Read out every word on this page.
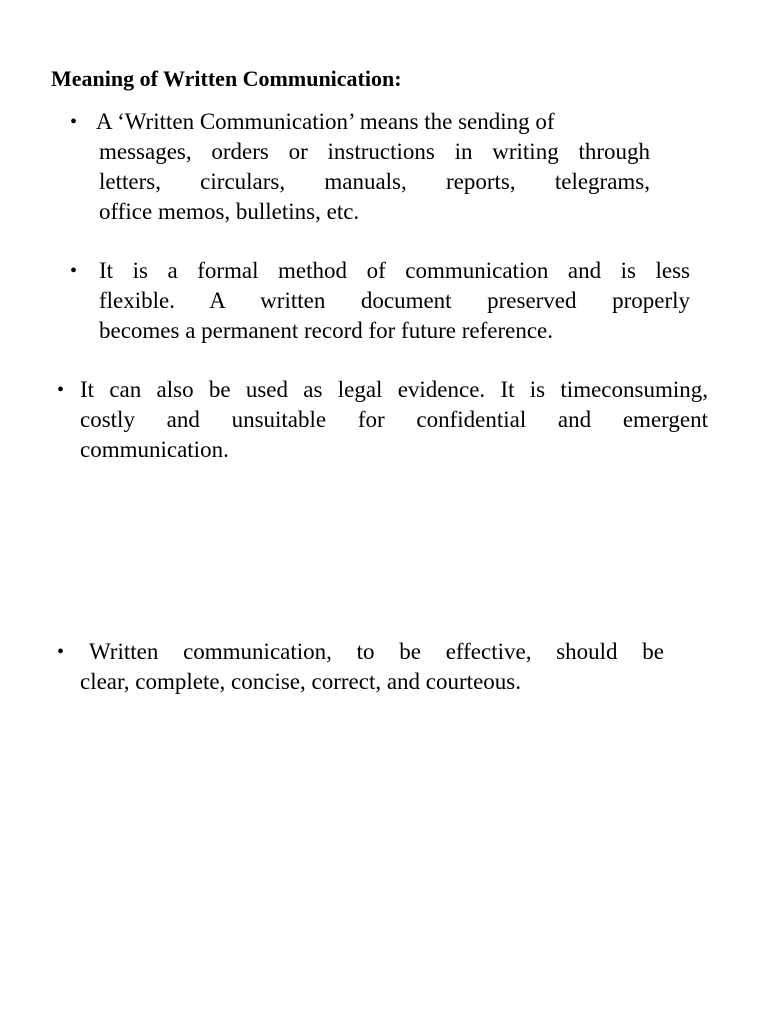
Meaning of Written Communication:
• A ‘Written Communication’ means the sending of
messages, orders or instructions in writing through
letters, circulars, manuals, reports, telegrams,
office memos, bulletins, etc.
• It is a formal method of communication and is less
flexible. A written document preserved properly
becomes a permanent record for future reference.
• It can also be used as legal evidence. It is timeconsuming,
costly and unsuitable for confidential and emergent
communication.
•	Written communication, to be effective, should be
clear, complete, concise, correct, and courteous.
